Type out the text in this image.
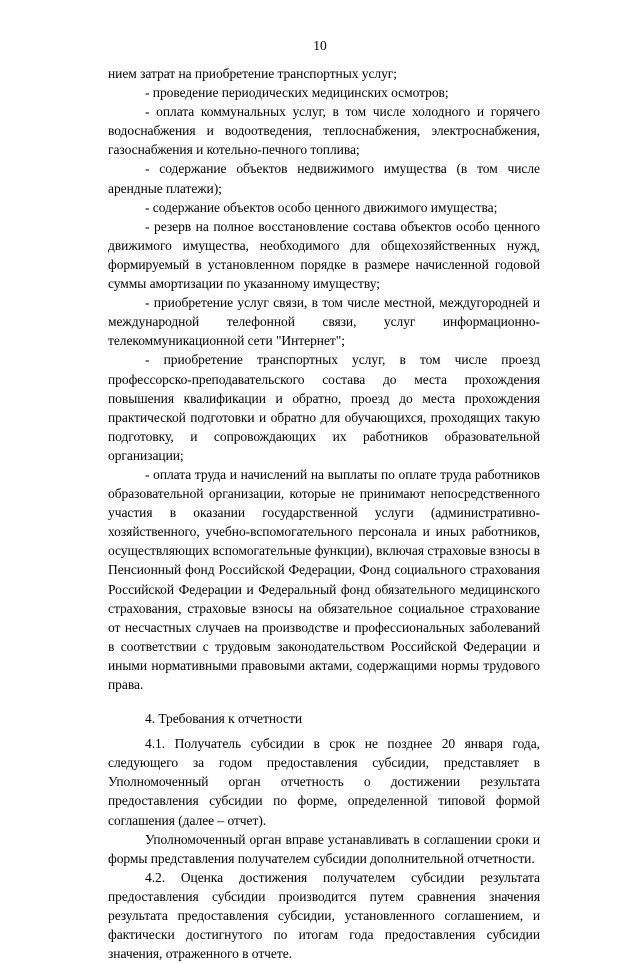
10

нием затрат на приобретение транспортных услуг;

- проведение периодических медицинских осмотров;

- оплата коммунальных услуг, в том числе холодного и горячего водоснабжения и водоотведения, теплоснабжения, электроснабжения, газоснабжения и котельно-печного топлива;

- содержание объектов недвижимого имущества (в том числе арендные платежи);

- содержание объектов особо ценного движимого имущества;

- резерв на полное восстановление состава объектов особо ценного движимого имущества, необходимого для общехозяйственных нужд, формируемый в установленном порядке в размере начисленной годовой суммы амортизации по указанному имуществу;

- приобретение услуг связи, в том числе местной, междугородней и международной телефонной связи, услуг информационно-телекоммуникационной сети "Интернет";

- приобретение транспортных услуг, в том числе проезд профессорско-преподавательского состава до места прохождения повышения квалификации и обратно, проезд до места прохождения практической подготовки и обратно для обучающихся, проходящих такую подготовку, и сопровождающих их работников образовательной организации;

- оплата труда и начислений на выплаты по оплате труда работников образовательной организации, которые не принимают непосредственного участия в оказании государственной услуги (административно-хозяйственного, учебно-вспомогательного персонала и иных работников, осуществляющих вспомогательные функции), включая страховые взносы в Пенсионный фонд Российской Федерации, Фонд социального страхования Российской Федерации и Федеральный фонд обязательного медицинского страхования, страховые взносы на обязательное социальное страхование от несчастных случаев на производстве и профессиональных заболеваний в соответствии с трудовым законодательством Российской Федерации и иными нормативными правовыми актами, содержащими нормы трудового права.

4. Требования к отчетности

4.1. Получатель субсидии в срок не позднее 20 января года, следующего за годом предоставления субсидии, представляет в Уполномоченный орган отчетность о достижении результата предоставления субсидии по форме, определенной типовой формой соглашения (далее – отчет).

Уполномоченный орган вправе устанавливать в соглашении сроки и формы представления получателем субсидии дополнительной отчетности.

4.2. Оценка достижения получателем субсидии результата предоставления субсидии производится путем сравнения значения результата предоставления субсидии, установленного соглашением, и фактически достигнутого по итогам года предоставления субсидии значения, отраженного в отчете.
